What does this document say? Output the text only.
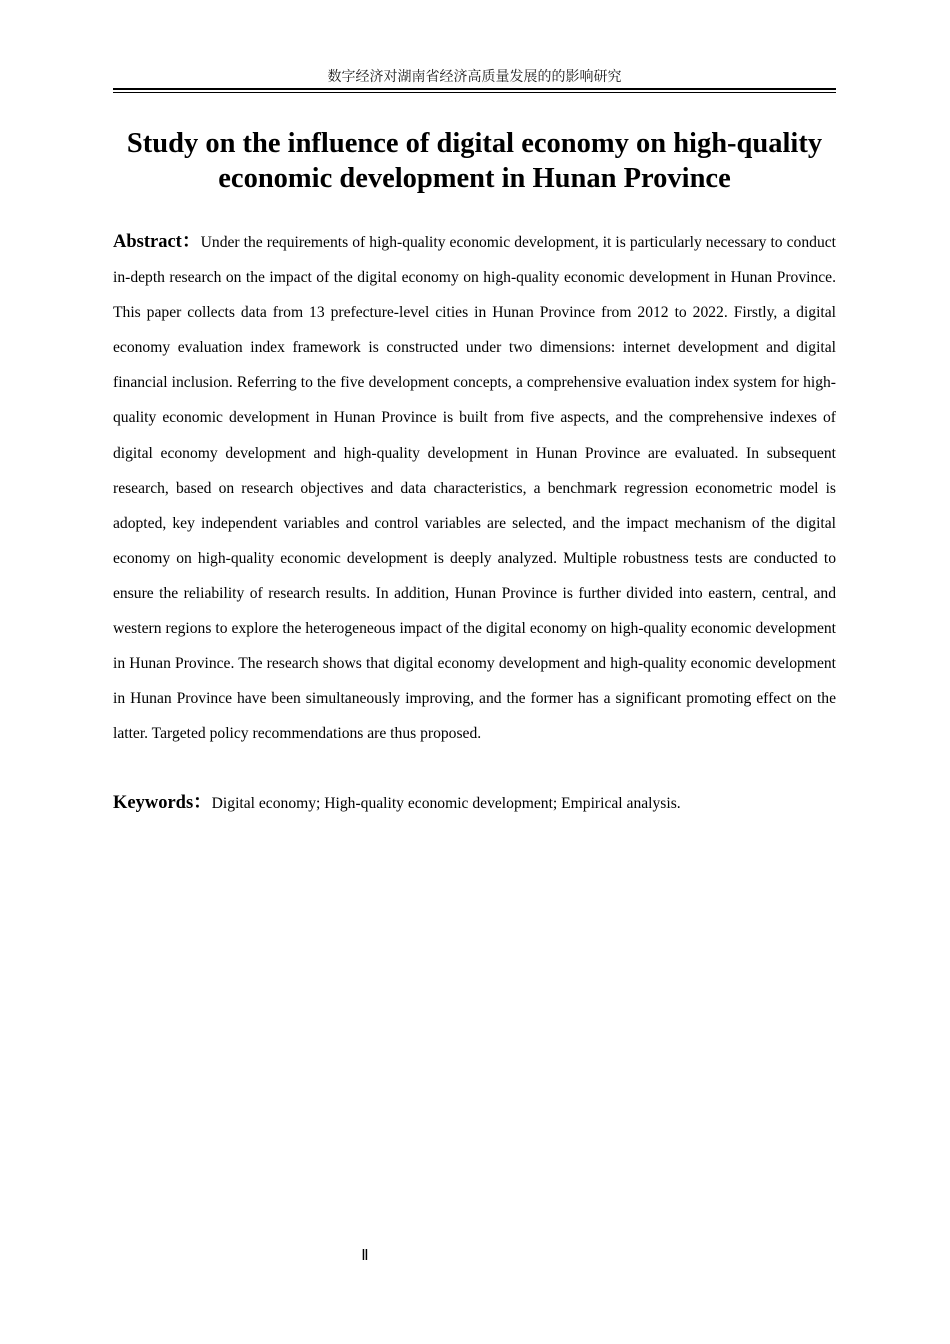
数字经济对湖南省经济高质量发展的的影响研究
Study on the influence of digital economy on high-quality economic development in Hunan Province

Abstract：Under the requirements of high-quality economic development, it is particularly necessary to conduct in-depth research on the impact of the digital economy on high-quality economic development in Hunan Province. This paper collects data from 13 prefecture-level cities in Hunan Province from 2012 to 2022. Firstly, a digital economy evaluation index framework is constructed under two dimensions: internet development and digital financial inclusion. Referring to the five development concepts, a comprehensive evaluation index system for high-quality economic development in Hunan Province is built from five aspects, and the comprehensive indexes of digital economy development and high-quality development in Hunan Province are evaluated. In subsequent research, based on research objectives and data characteristics, a benchmark regression econometric model is adopted, key independent variables and control variables are selected, and the impact mechanism of the digital economy on high-quality economic development is deeply analyzed. Multiple robustness tests are conducted to ensure the reliability of research results. In addition, Hunan Province is further divided into eastern, central, and western regions to explore the heterogeneous impact of the digital economy on high-quality economic development in Hunan Province. The research shows that digital economy development and high-quality economic development in Hunan Province have been simultaneously improving, and the former has a significant promoting effect on the latter. Targeted policy recommendations are thus proposed.

Keywords：Digital economy; High-quality economic development; Empirical analysis.

Ⅱ
